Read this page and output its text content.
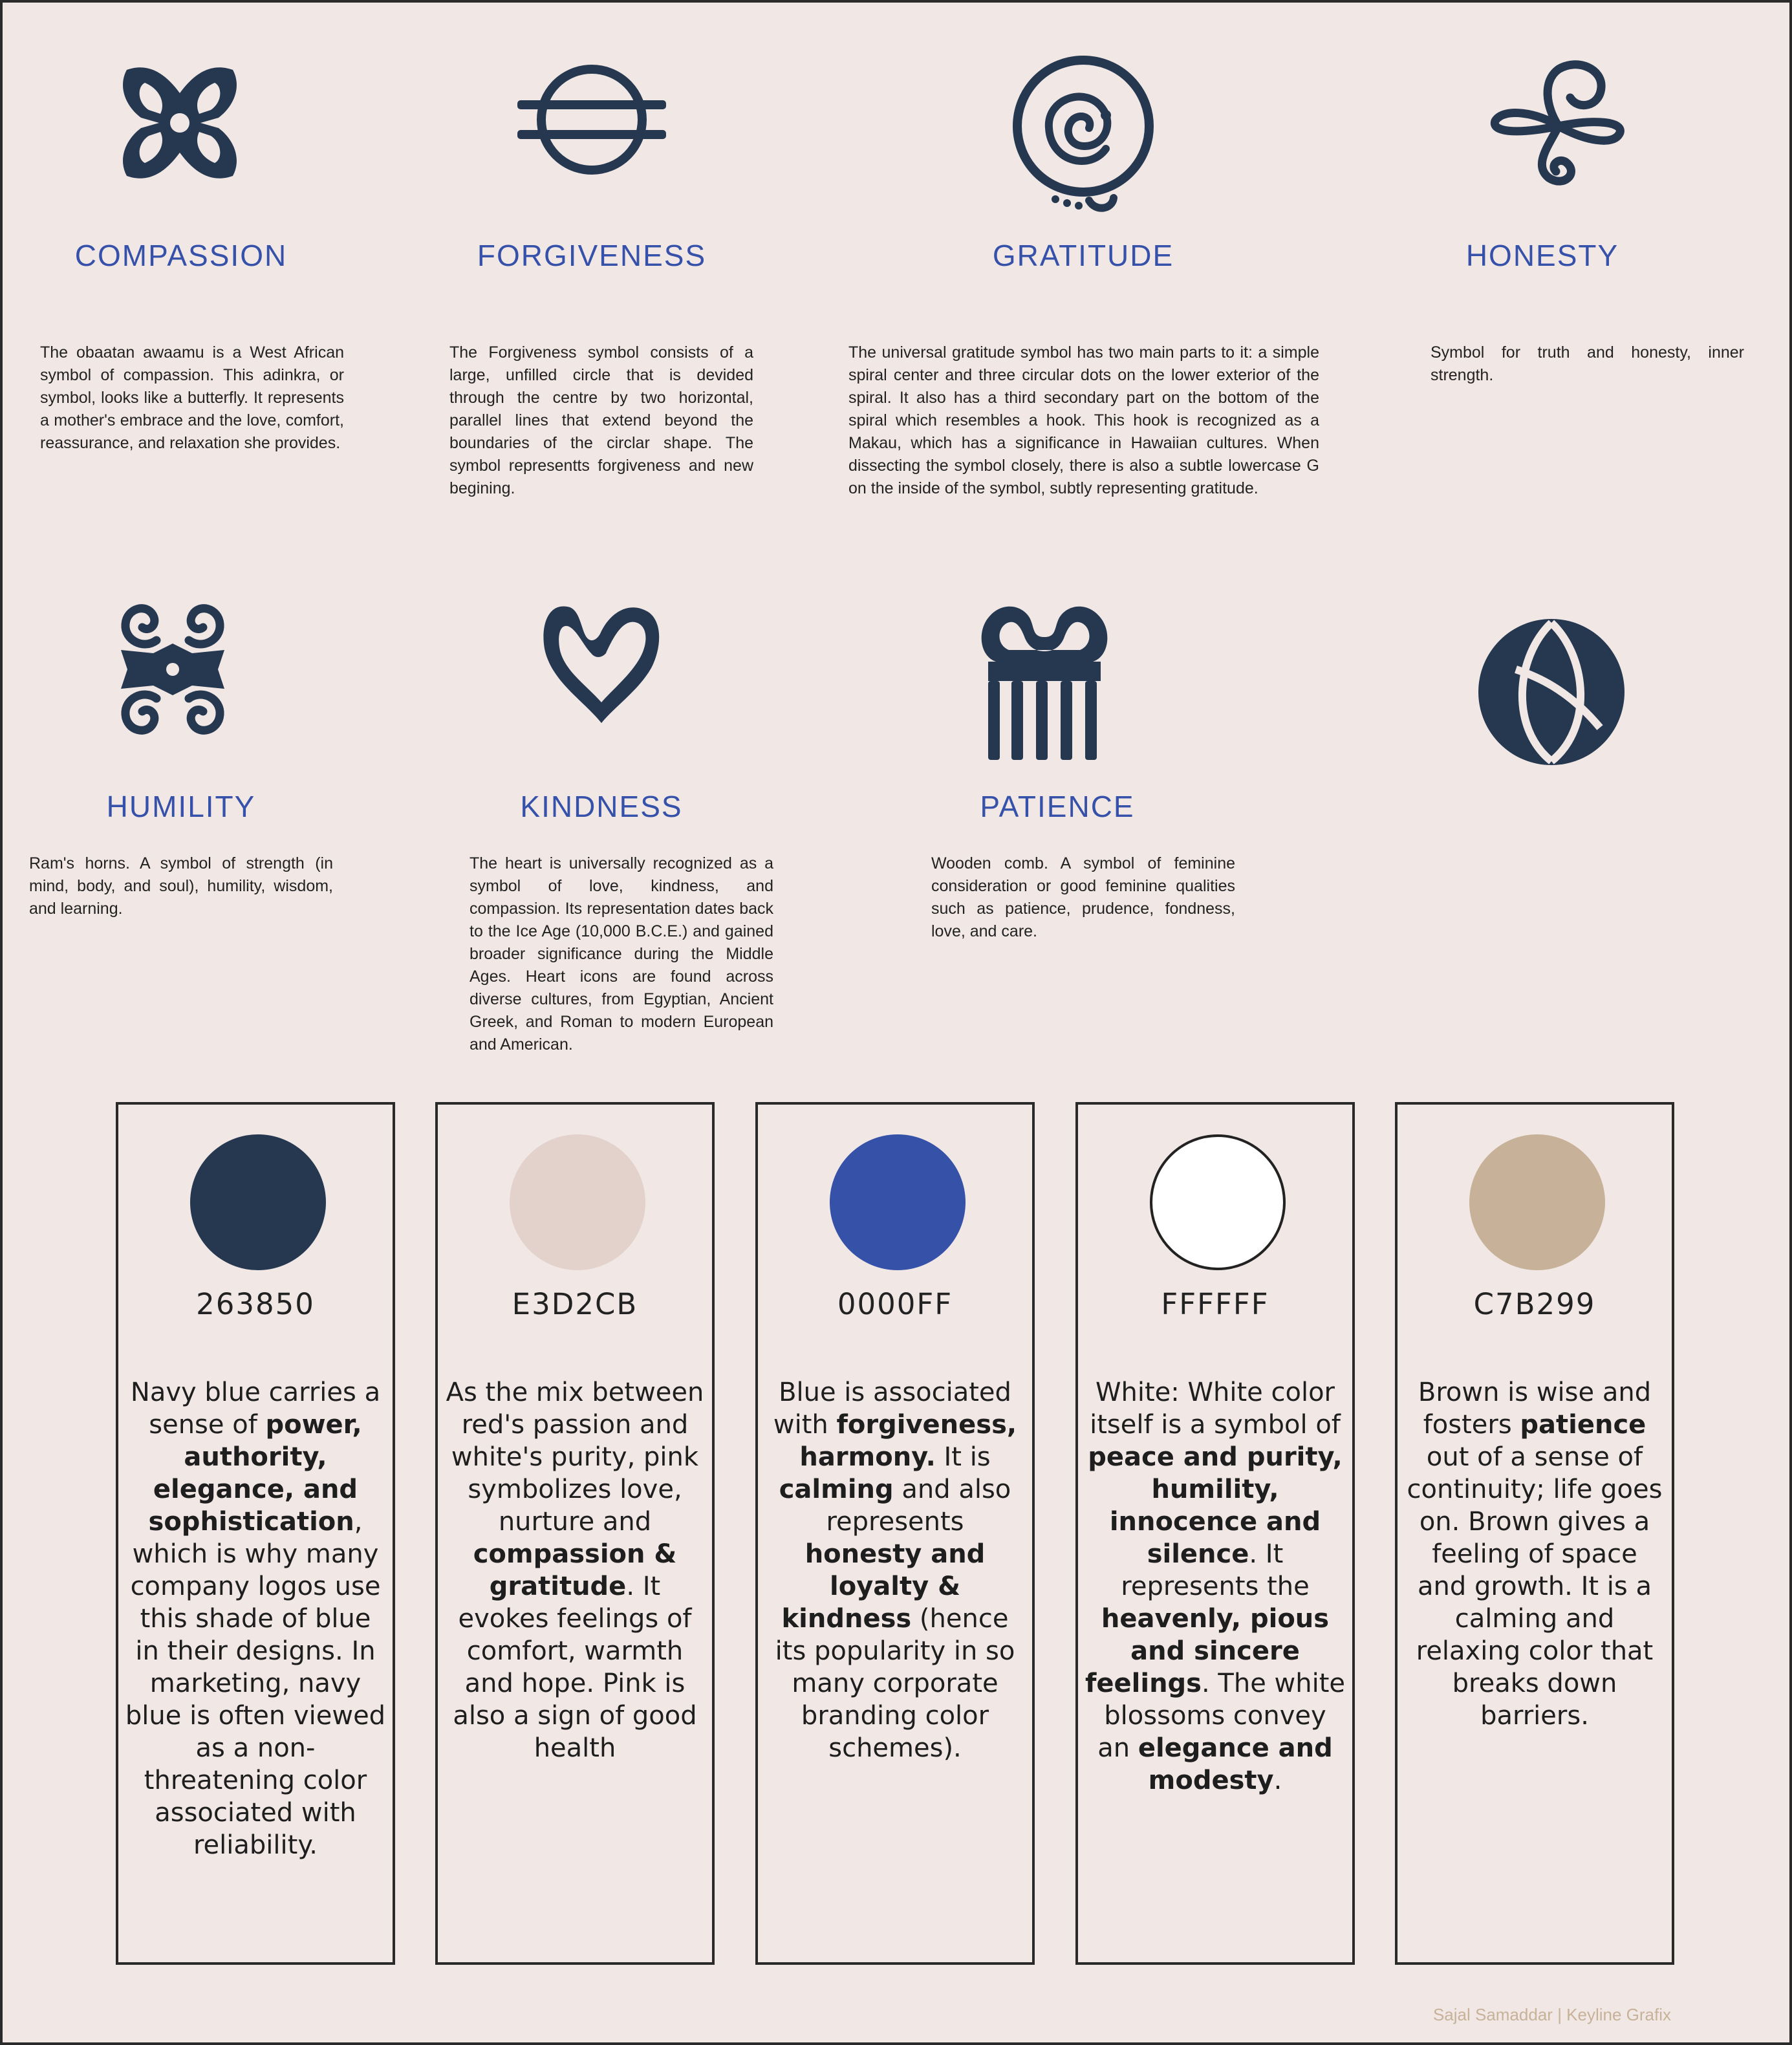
COMPASSION	FORGIVENESS	GRATITUDE	HONESTY
The obaatan awaamu is a West African symbol of compassion. This adinkra, or symbol, looks like a butterfly. It represents a mother's embrace and the love, comfort, reassurance, and relaxation she provides.
The Forgiveness symbol consists of a large, unfilled circle that is devided through the centre by two horizontal, parallel lines that extend beyond the boundaries of the circlar shape. The symbol representts forgiveness and new begining.
The universal gratitude symbol has two main parts to it: a simple spiral center and three circular dots on the lower exterior of the spiral. It also has a third secondary part on the bottom of the spiral which resembles a hook. This hook is recognized as a Makau, which has a significance in Hawaiian cultures. When dissecting the symbol closely, there is also a subtle lowercase G on the inside of the symbol, subtly representing gratitude.
Symbol for truth and honesty, inner strength.
HUMILITY	KINDNESS	PATIENCE
Ram's horns. A symbol of strength (in mind, body, and soul), humility, wisdom, and learning.
The heart is universally recognized as a symbol of love, kindness, and compassion. Its representation dates back to the Ice Age (10,000 B.C.E.) and gained broader significance during the Middle Ages. Heart icons are found across diverse cultures, from Egyptian, Ancient Greek, and Roman to modern European and American.
Wooden comb. A symbol of feminine consideration or good feminine qualities such as patience, prudence, fondness, love, and care.
263850
Navy blue carries a sense of power, authority, elegance, and sophistication, which is why many company logos use this shade of blue in their designs. In marketing, navy blue is often viewed as a non-threatening color associated with reliability.
E3D2CB
As the mix between red's passion and white's purity, pink symbolizes love, nurture and compassion & gratitude. It evokes feelings of comfort, warmth and hope. Pink is also a sign of good health
0000FF
Blue is associated with forgiveness, harmony. It is calming and also represents honesty and loyalty & kindness (hence its popularity in so many corporate branding color schemes).
FFFFFF
White: White color itself is a symbol of peace and purity, humility, innocence and silence. It represents the heavenly, pious and sincere feelings. The white blossoms convey an elegance and modesty.
C7B299
Brown is wise and fosters patience out of a sense of continuity; life goes on. Brown gives a feeling of space and growth. It is a calming and relaxing color that breaks down barriers.
Sajal Samaddar | Keyline Grafix
